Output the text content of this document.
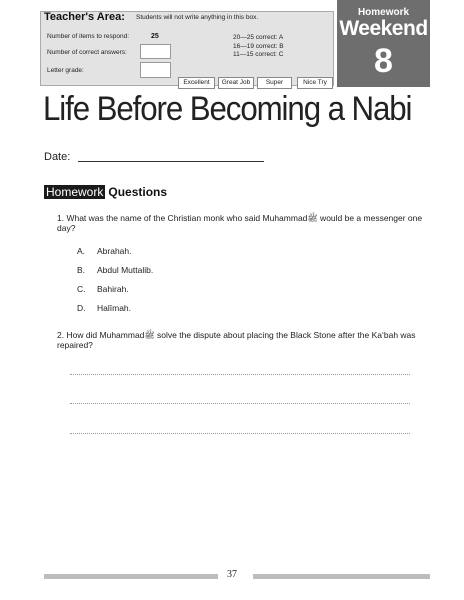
Teacher's Area: Students will not write anything in this box.
Number of items to respond:	25
Number of correct answers:
Letter grade:
20—25 correct: A
16—19 correct: B
11—15 correct: C
Excellent	Great Job	Super	Nice Try
Homework
Weekend
8
Life Before Becoming a Nabi
Date:
Homework Questions
1. What was the name of the Christian monk who said Muhammadﷺ would be a messenger one day?
A. Abrahah.
B. Abdul Muttalib.
C. Bahirah.
D. Halīmah.
2. How did Muhammadﷺ solve the dispute about placing the Black Stone after the Ka‘bah was repaired?
37
